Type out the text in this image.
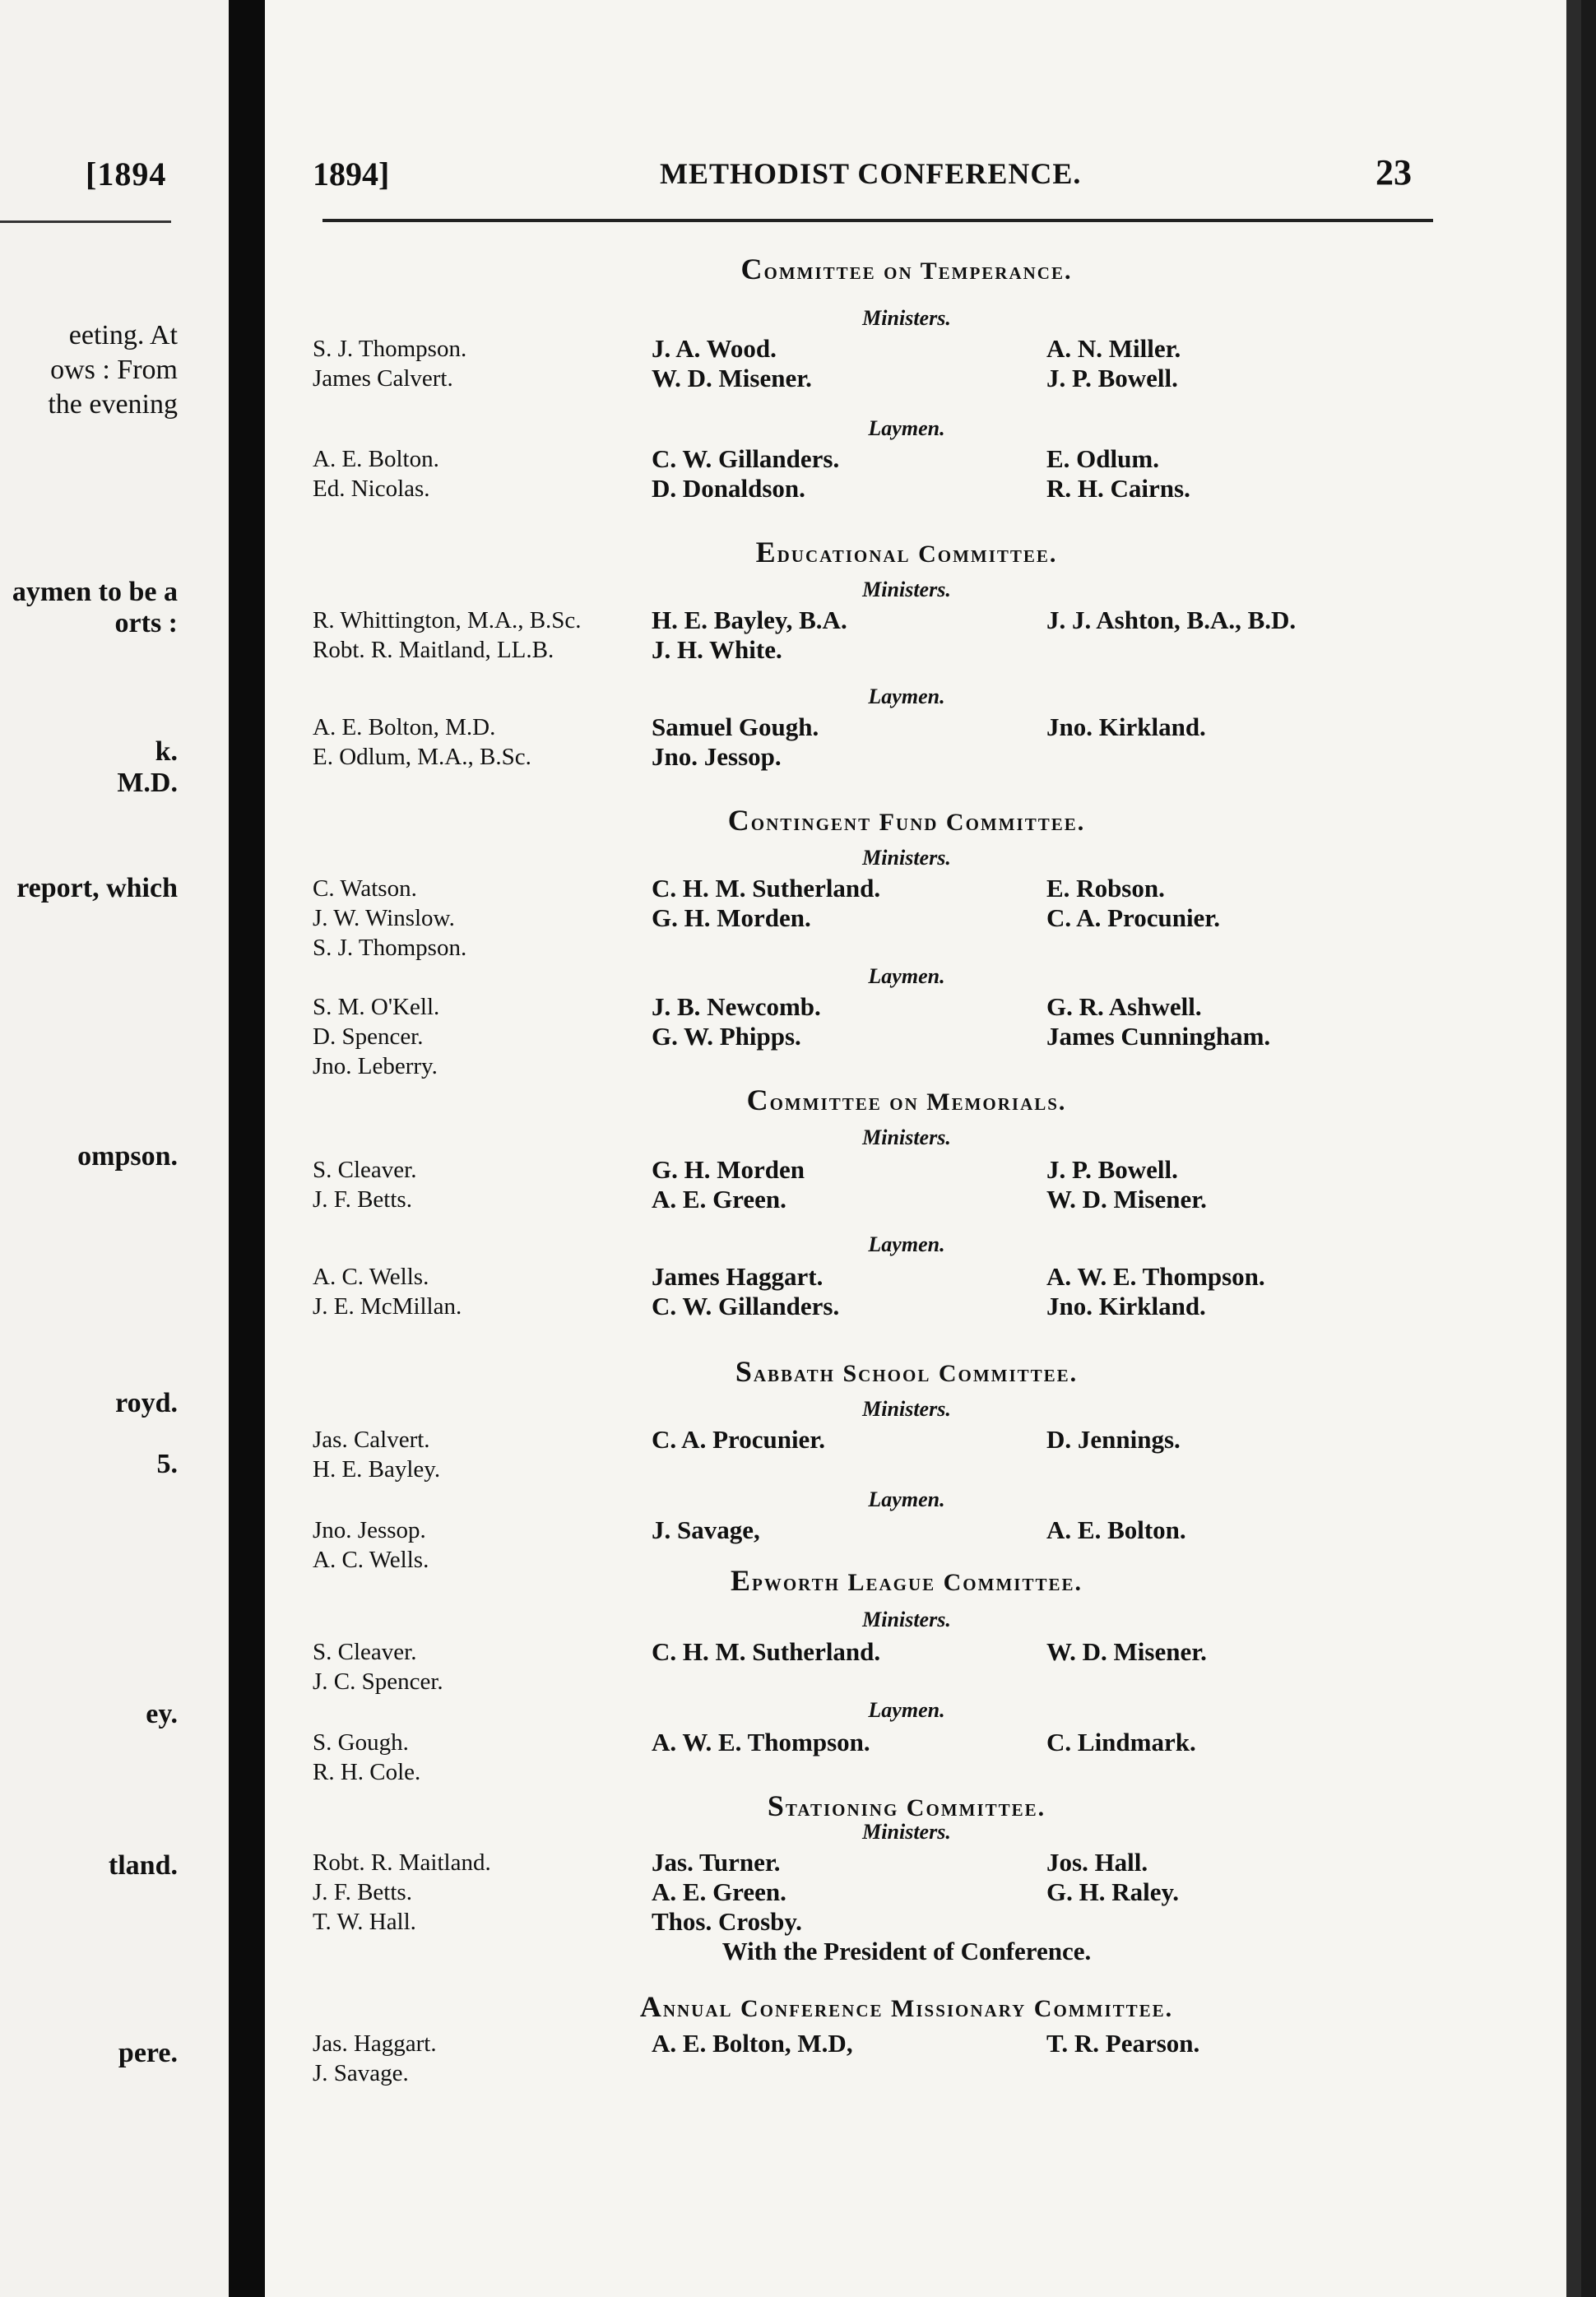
[1894
eeting. At
ows : From
the evening
aymen to be a
orts :
k.
M.D.
report, which
ompson.
royd.
5.
ey.
tland.
pere.
1894]	METHODIST CONFERENCE.	23
Committee on Temperance.
Ministers.
S. J. Thompson.	J. A. Wood.	A. N. Miller.
James Calvert.	W. D. Misener.	J. P. Bowell.
Laymen.
A. E. Bolton.	C. W. Gillanders.	E. Odlum.
Ed. Nicolas.	D. Donaldson.	R. H. Cairns.
Educational Committee.
Ministers.
R. Whittington, M.A., B.Sc.	H. E. Bayley, B.A.	J. J. Ashton, B.A., B.D.
Robt. R. Maitland, LL.B.	J. H. White.
Laymen.
A. E. Bolton, M.D.	Samuel Gough.	Jno. Kirkland.
E. Odlum, M.A., B.Sc.	Jno. Jessop.
Contingent Fund Committee.
Ministers.
C. Watson.	C. H. M. Sutherland.	E. Robson.
J. W. Winslow.	G. H. Morden.	C. A. Procunier.
S. J. Thompson.
Laymen.
S. M. O'Kell.	J. B. Newcomb.	G. R. Ashwell.
D. Spencer.	G. W. Phipps.	James Cunningham.
Jno. Leberry.
Committee on Memorials.
Ministers.
S. Cleaver.	G. H. Morden	J. P. Bowell.
J. F. Betts.	A. E. Green.	W. D. Misener.
Laymen.
A. C. Wells.	James Haggart.	A. W. E. Thompson.
J. E. McMillan.	C. W. Gillanders.	Jno. Kirkland.
Sabbath School Committee.
Ministers.
Jas. Calvert.	C. A. Procunier.	D. Jennings.
H. E. Bayley.
Laymen.
Jno. Jessop.	J. Savage,	A. E. Bolton.
A. C. Wells.
Epworth League Committee.
Ministers.
S. Cleaver.	C. H. M. Sutherland.	W. D. Misener.
J. C. Spencer.
Laymen.
S. Gough.	A. W. E. Thompson.	C. Lindmark.
R. H. Cole.
Stationing Committee.
Ministers.
Robt. R. Maitland.	Jas. Turner.	Jos. Hall.
J. F. Betts.	A. E. Green.	G. H. Raley.
T. W. Hall.	Thos. Crosby.
With the President of Conference.
Annual Conference Missionary Committee.
Jas. Haggart.	A. E. Bolton, M.D,	T. R. Pearson.
J. Savage.
